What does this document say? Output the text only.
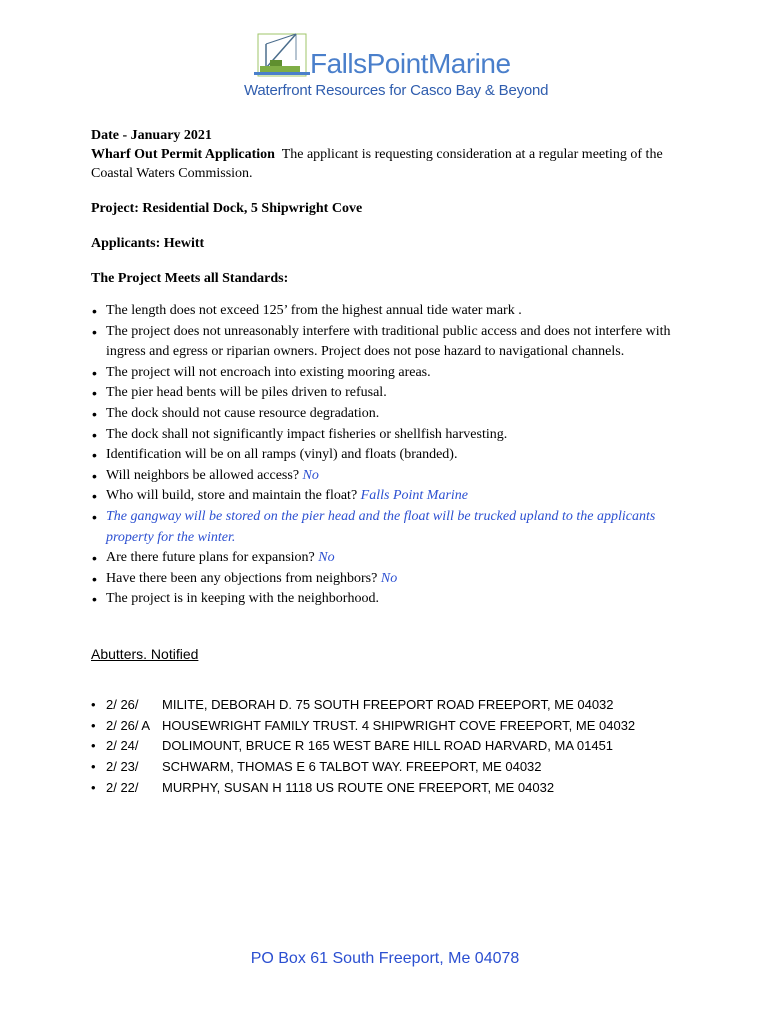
FallsPointMarine
Waterfront Resources for Casco Bay & Beyond

Date - January 2021

Wharf Out Permit Application The applicant is requesting consideration at a regular meeting of the Coastal Waters Commission.

Project: Residential Dock, 5 Shipwright Cove

Applicants: Hewitt

The Project Meets all Standards:

• The length does not exceed 125’ from the highest annual tide water mark .
• The project does not unreasonably interfere with traditional public access and does not interfere with ingress and egress or riparian owners. Project does not pose hazard to navigational channels.
• The project will not encroach into existing mooring areas.
• The pier head bents will be piles driven to refusal.
• The dock should not cause resource degradation.
• The dock shall not significantly impact fisheries or shellfish harvesting.
• Identification will be on all ramps (vinyl) and floats (branded).
• Will neighbors be allowed access? No
• Who will build, store and maintain the float? Falls Point Marine
• The gangway will be stored on the pier head and the float will be trucked upland to the applicants property for the winter.
• Are there future plans for expansion? No
• Have there been any objections from neighbors? No
• The project is in keeping with the neighborhood.
Abutters. Notified
• 2/ 26/ MILITE, DEBORAH D. 75 SOUTH FREEPORT ROAD FREEPORT, ME 04032
• 2/ 26/ A HOUSEWRIGHT FAMILY TRUST. 4 SHIPWRIGHT COVE FREEPORT, ME 04032
• 2/ 24/ DOLIMOUNT, BRUCE R 165 WEST BARE HILL ROAD HARVARD, MA 01451
• 2/ 23/ SCHWARM, THOMAS E 6 TALBOT WAY. FREEPORT, ME 04032
• 2/ 22/ MURPHY, SUSAN H 1118 US ROUTE ONE FREEPORT, ME 04032
PO Box 61 South Freeport, Me 04078
